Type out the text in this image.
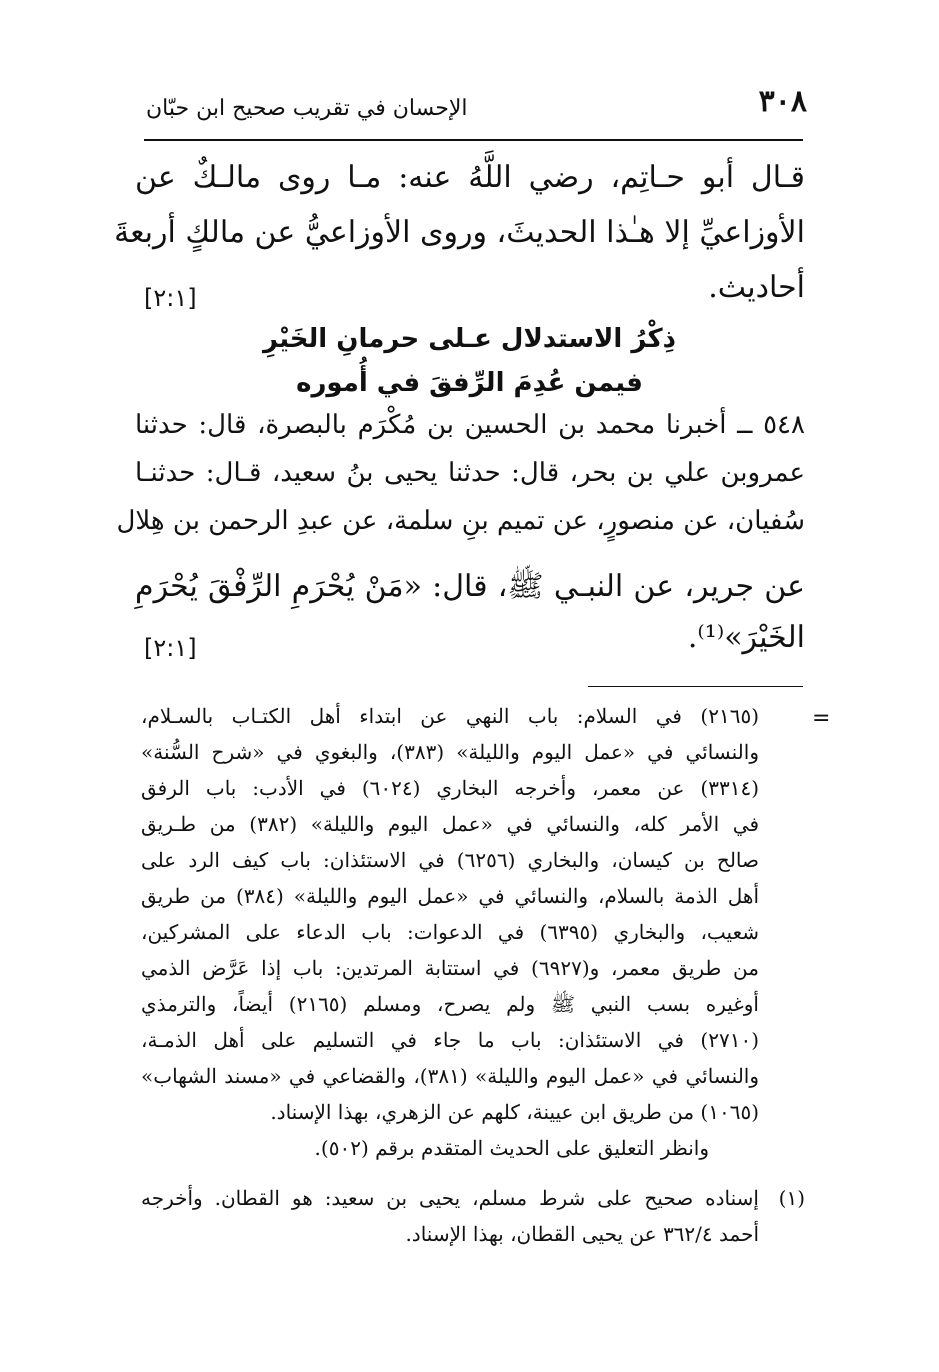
٣٠٨
الإحسان في تقريب صحيح ابن حبّان
قـال أبو حـاتِم، رضي اللَّهُ عنه: مـا روى مالـكٌ عن
الأوزاعيِّ إلا هـٰذا الحديثَ، وروى الأوزاعيُّ عن مالكٍ أربعةَ
أحاديث.
[٢:١]
ذِكْرُ الاستدلال عـلى حرمانِ الخَيْرِ
فيمن عُدِمَ الرِّفقَ في أُموره
٥٤٨ ــ أخبرنا محمد بن الحسين بن مُكْرَم بالبصرة، قال: حدثنا
عمروبن علي بن بحر، قال: حدثنا يحيى بنُ سعيد، قـال: حدثنـا
سُفيان، عن منصورٍ، عن تميم بنِ سلمة، عن عبدِ الرحمن بن هِلال
عن جرير، عن النبـي ﷺ، قال: «مَنْ يُحْرَمِ الرِّفْقَ يُحْرَمِ
الخَيْرَ»⁽¹⁾.
[٢:١]
=
(٢١٦٥) في السلام: باب النهي عن ابتداء أهل الكتـاب بالسـلام،
والنسائي في «عمل اليوم والليلة» (٣٨٣)، والبغوي في «شرح السُّنة»
(٣٣١٤) عن معمر، وأخرجه البخاري (٦٠٢٤) في الأدب: باب الرفق
في الأمر كله، والنسائي في «عمل اليوم والليلة» (٣٨٢) من طـريق
صالح بن كيسان، والبخاري (٦٢٥٦) في الاستئذان: باب كيف الرد على
أهل الذمة بالسلام، والنسائي في «عمل اليوم والليلة» (٣٨٤) من طريق
شعيب، والبخاري (٦٣٩٥) في الدعوات: باب الدعاء على المشركين،
من طريق معمر، و(٦٩٢٧) في استتابة المرتدين: باب إذا عَرَّض الذمي
أوغيره بسب النبي ﷺ ولم يصرح، ومسلم (٢١٦٥) أيضاً، والترمذي
(٢٧١٠) في الاستئذان: باب ما جاء في التسليم على أهل الذمـة،
والنسائي في «عمل اليوم والليلة» (٣٨١)، والقضاعي في «مسند الشهاب»
(١٠٦٥) من طريق ابن عيينة، كلهم عن الزهري، بهذا الإسناد.
وانظر التعليق على الحديث المتقدم برقم (٥٠٢).
(١)
إسناده صحيح على شرط مسلم، يحيى بن سعيد: هو القطان. وأخرجه
أحمد ٣٦٢/٤ عن يحيى القطان، بهذا الإسناد.
